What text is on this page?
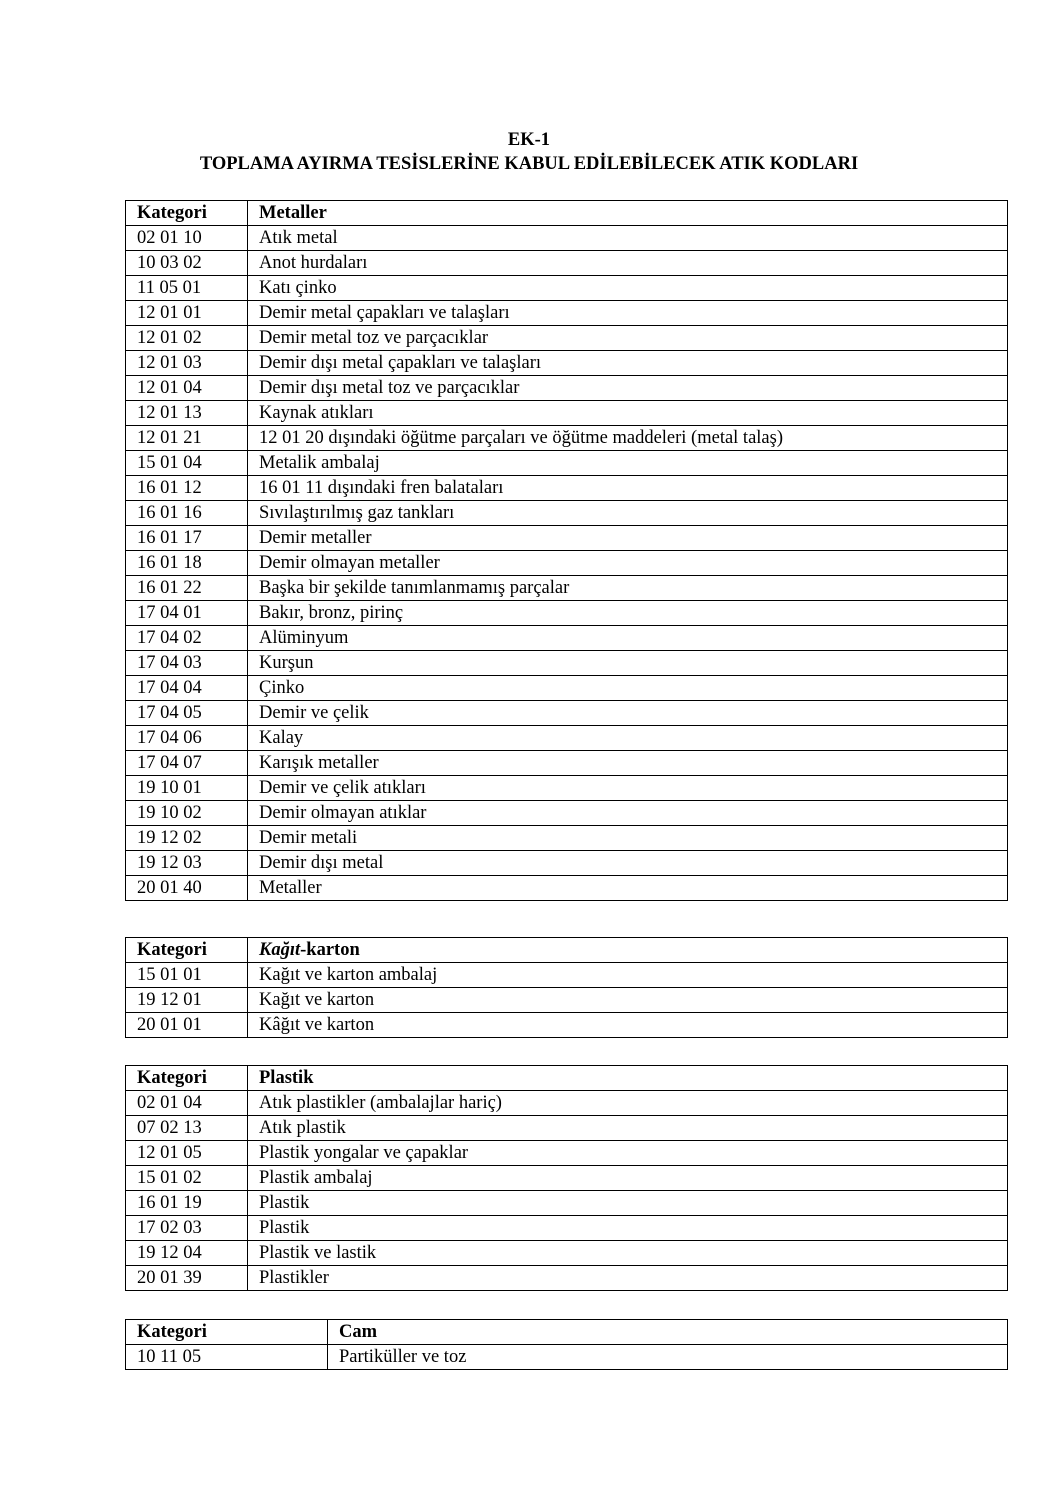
EK-1
TOPLAMA AYIRMA TESİSLERİNE KABUL EDİLEBİLECEK ATIK KODLARI
Kategori	Metaller
02 01 10	Atık metal
10 03 02	Anot hurdaları
11 05 01	Katı çinko
12 01 01	Demir metal çapakları ve talaşları
12 01 02	Demir metal toz ve parçacıklar
12 01 03	Demir dışı metal çapakları ve talaşları
12 01 04	Demir dışı metal toz ve parçacıklar
12 01 13	Kaynak atıkları
12 01 21	12 01 20 dışındaki öğütme parçaları ve öğütme maddeleri (metal talaş)
15 01 04	Metalik ambalaj
16 01 12	16 01 11 dışındaki fren balataları
16 01 16	Sıvılaştırılmış gaz tankları
16 01 17	Demir metaller
16 01 18	Demir olmayan metaller
16 01 22	Başka bir şekilde tanımlanmamış parçalar
17 04 01	Bakır, bronz, pirinç
17 04 02	Alüminyum
17 04 03	Kurşun
17 04 04	Çinko
17 04 05	Demir ve çelik
17 04 06	Kalay
17 04 07	Karışık metaller
19 10 01	Demir ve çelik atıkları
19 10 02	Demir olmayan atıklar
19 12 02	Demir metali
19 12 03	Demir dışı metal
20 01 40	Metaller
Kategori	Kağıt-karton
15 01 01	Kağıt ve karton ambalaj
19 12 01	Kağıt ve karton
20 01 01	Kâğıt ve karton
Kategori	Plastik
02 01 04	Atık plastikler (ambalajlar hariç)
07 02 13	Atık plastik
12 01 05	Plastik yongalar ve çapaklar
15 01 02	Plastik ambalaj
16 01 19	Plastik
17 02 03	Plastik
19 12 04	Plastik ve lastik
20 01 39	Plastikler
Kategori	Cam
10 11 05	Partiküller ve toz
